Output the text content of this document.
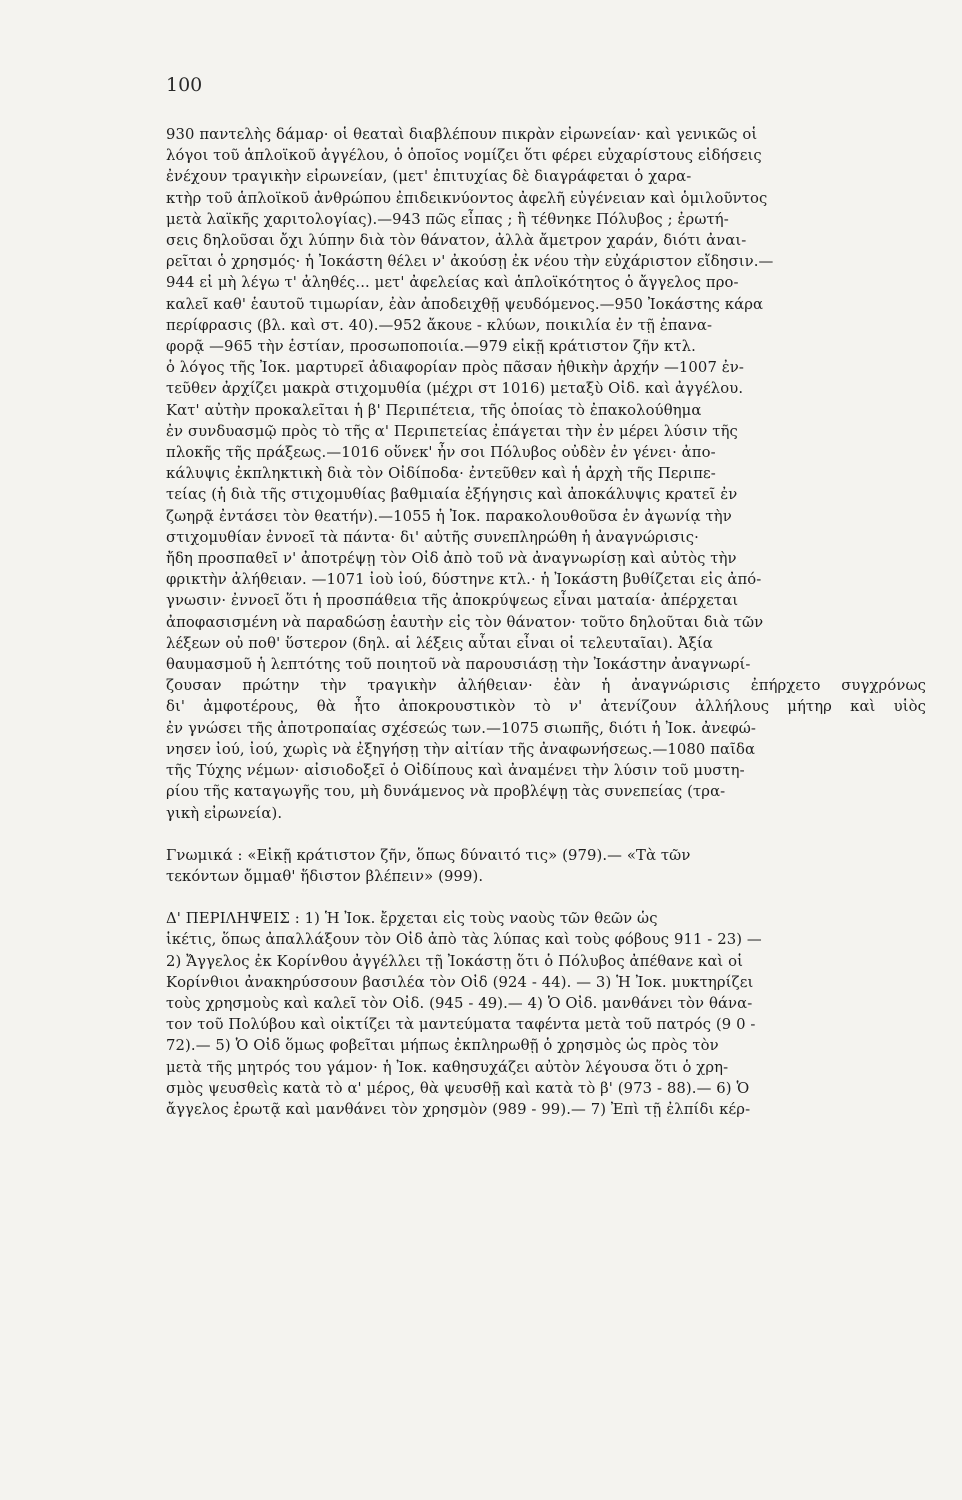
100
930 παντελὴς δάμαρ· οἱ θεαταὶ διαβλέπουν πικρὰν εἰρωνείαν· καὶ γενικῶς οἱ
λόγοι τοῦ ἁπλοϊκοῦ ἀγγέλου, ὁ ὁποῖος νομίζει ὅτι φέρει εὐχαρίστους εἰδήσεις
ἐνέχουν τραγικὴν εἰρωνείαν, (μετ' ἐπιτυχίας δὲ διαγράφεται ὁ χαρα-
κτὴρ τοῦ ἁπλοϊκοῦ ἀνθρώπου ἐπιδεικνύοντος ἀφελῆ εὐγένειαν καὶ ὁμιλοῦντος
μετὰ λαϊκῆς χαριτολογίας).—943 πῶς εἶπας ; ἢ τέθνηκε Πόλυβος ; ἐρωτή-
σεις δηλοῦσαι ὄχι λύπην διὰ τὸν θάνατον, ἀλλὰ ἄμετρον χαράν, διότι ἀναι-
ρεῖται ὁ χρησμός· ἡ Ἰοκάστη θέλει ν' ἀκούσῃ ἐκ νέου τὴν εὐχάριστον εἴδησιν.—
944 εἰ μὴ λέγω τ' ἀληθές... μετ' ἀφελείας καὶ ἁπλοϊκότητος ὁ ἄγγελος προ-
καλεῖ καθ' ἑαυτοῦ τιμωρίαν, ἐὰν ἀποδειχθῇ ψευδόμενος.—950 Ἰοκάστης κάρα
περίφρασις (βλ. καὶ στ. 40).—952 ἄκουε - κλύων, ποικιλία ἐν τῇ ἐπανα-
φορᾷ —965 τὴν ἑστίαν, προσωποποιία.—979 εἰκῇ κράτιστον ζῆν κτλ.
ὁ λόγος τῆς Ἰοκ. μαρτυρεῖ ἀδιαφορίαν πρὸς πᾶσαν ἠθικὴν ἀρχήν —1007 ἐν-
τεῦθεν ἀρχίζει μακρὰ στιχομυθία (μέχρι στ 1016) μεταξὺ Οἰδ. καὶ ἀγγέλου.
Κατ' αὐτὴν προκαλεῖται ἡ β' Περιπέτεια, τῆς ὁποίας τὸ ἐπακολούθημα
ἐν συνδυασμῷ πρὸς τὸ τῆς α' Περιπετείας ἐπάγεται τὴν ἐν μέρει λύσιν τῆς
πλοκῆς τῆς πράξεως.—1016 οὕνεκ' ἦν σοι Πόλυβος οὐδὲν ἐν γένει· ἀπο-
κάλυψις ἐκπληκτικὴ διὰ τὸν Οἰδίποδα· ἐντεῦθεν καὶ ἡ ἀρχὴ τῆς Περιπε-
τείας (ἡ διὰ τῆς στιχομυθίας βαθμιαία ἐξήγησις καὶ ἀποκάλυψις κρατεῖ ἐν
ζωηρᾷ ἐντάσει τὸν θεατήν).—1055 ἡ Ἰοκ. παρακολουθοῦσα ἐν ἀγωνίᾳ τὴν
στιχομυθίαν ἐννοεῖ τὰ πάντα· δι' αὐτῆς συνεπληρώθη ἡ ἀναγνώρισις·
ἤδη προσπαθεῖ ν' ἀποτρέψῃ τὸν Οἰδ ἀπὸ τοῦ νὰ ἀναγνωρίσῃ καὶ αὐτὸς τὴν
φρικτὴν ἀλήθειαν. —1071 ἰοὺ ἰού, δύστηνε κτλ.· ἡ Ἰοκάστη βυθίζεται εἰς ἀπό-
γνωσιν· ἐννοεῖ ὅτι ἡ προσπάθεια τῆς ἀποκρύψεως εἶναι ματαία· ἀπέρχεται
ἀποφασισμένη νὰ παραδώσῃ ἑαυτὴν εἰς τὸν θάνατον· τοῦτο δηλοῦται διὰ τῶν
λέξεων οὐ ποθ' ὕστερον (δηλ. αἱ λέξεις αὗται εἶναι οἱ τελευταῖαι). Ἀξία
θαυμασμοῦ ἡ λεπτότης τοῦ ποιητοῦ νὰ παρουσιάσῃ τὴν Ἰοκάστην ἀναγνωρί-
ζουσαν πρώτην τὴν τραγικὴν ἀλήθειαν· ἐὰν ἡ ἀναγνώρισις ἐπήρχετο συγχρόνως
δι' ἀμφοτέρους, θὰ ἦτο ἀποκρουστικὸν τὸ ν' ἀτενίζουν ἀλλήλους μήτηρ καὶ υἱὸς
ἐν γνώσει τῆς ἀποτροπαίας σχέσεώς των.—1075 σιωπῆς, διότι ἡ Ἰοκ. ἀνεφώ-
νησεν ἰού, ἰού, χωρὶς νὰ ἐξηγήσῃ τὴν αἰτίαν τῆς ἀναφωνήσεως.—1080 παῖδα
τῆς Τύχης νέμων· αἰσιοδοξεῖ ὁ Οἰδίπους καὶ ἀναμένει τὴν λύσιν τοῦ μυστη-
ρίου τῆς καταγωγῆς του, μὴ δυνάμενος νὰ προβλέψῃ τὰς συνεπείας (τρα-
γικὴ εἰρωνεία).
Γνωμικά : «Εἰκῇ κράτιστον ζῆν, ὅπως δύναιτό τις» (979).— «Τὰ τῶν
τεκόντων ὄμμαθ' ἥδιστον βλέπειν» (999).
Δ' ΠΕΡΙΛΗΨΕΙΣ : 1) Ἡ Ἰοκ. ἔρχεται εἰς τοὺς ναοὺς τῶν θεῶν ὡς
ἱκέτις, ὅπως ἀπαλλάξουν τὸν Οἰδ ἀπὸ τὰς λύπας καὶ τοὺς φόβους 911 - 23) —
2) Ἄγγελος ἐκ Κορίνθου ἀγγέλλει τῇ Ἰοκάστῃ ὅτι ὁ Πόλυβος ἀπέθανε καὶ οἱ
Κορίνθιοι ἀνακηρύσσουν βασιλέα τὸν Οἰδ (924 - 44). — 3) Ἡ Ἰοκ. μυκτηρίζει
τοὺς χρησμοὺς καὶ καλεῖ τὸν Οἰδ. (945 - 49).— 4) Ὁ Οἰδ. μανθάνει τὸν θάνα-
τον τοῦ Πολύβου καὶ οἰκτίζει τὰ μαντεύματα ταφέντα μετὰ τοῦ πατρός (9 0 -
72).— 5) Ὁ Οἰδ ὅμως φοβεῖται μήπως ἐκπληρωθῇ ὁ χρησμὸς ὡς πρὸς τὸν
μετὰ τῆς μητρός του γάμον· ἡ Ἰοκ. καθησυχάζει αὐτὸν λέγουσα ὅτι ὁ χρη-
σμὸς ψευσθεὶς κατὰ τὸ α' μέρος, θὰ ψευσθῇ καὶ κατὰ τὸ β' (973 - 88).— 6) Ὁ
ἄγγελος ἐρωτᾷ καὶ μανθάνει τὸν χρησμὸν (989 - 99).— 7) Ἐπὶ τῇ ἐλπίδι κέρ-
